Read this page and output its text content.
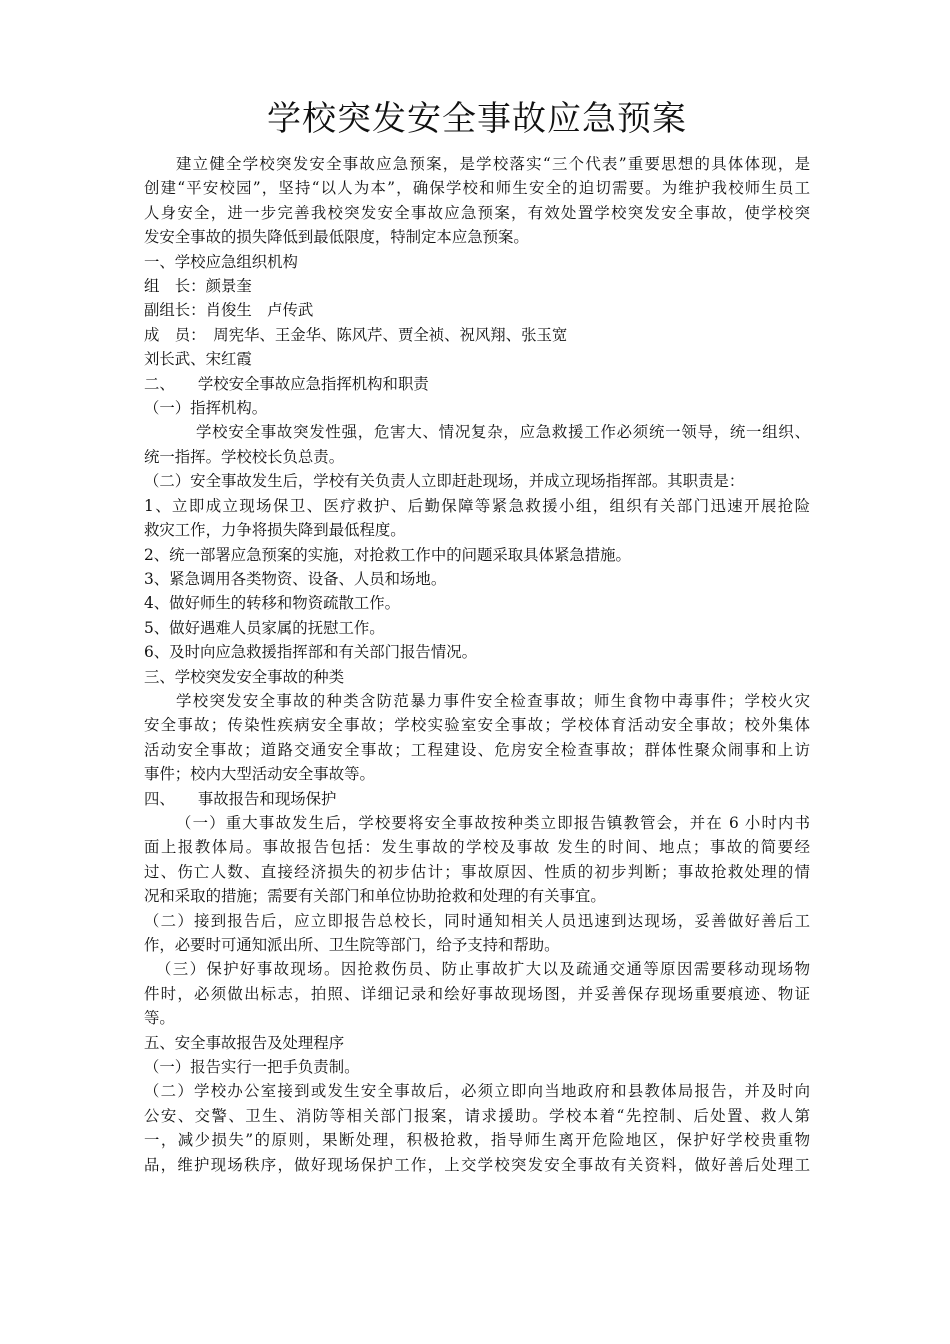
学校突发安全事故应急预案
建立健全学校突发安全事故应急预案，是学校落实“三个代表”重要思想的具体体现，是
创建“平安校园”，坚持“以人为本”，确保学校和师生安全的迫切需要。为维护我校师生员工
人身安全，进一步完善我校突发安全事故应急预案，有效处置学校突发安全事故，使学校突
发安全事故的损失降低到最低限度，特制定本应急预案。
一、学校应急组织机构
组　长：颜景奎
副组长：肖俊生　卢传武
成　员：　周宪华、王金华、陈风芹、贾全祯、祝风翔、张玉宽
刘长武、宋红霞
二、　　学校安全事故应急指挥机构和职责
（一）指挥机构。
学校安全事故突发性强，危害大、情况复杂，应急救援工作必须统一领导，统一组织、
统一指挥。学校校长负总责。
（二）安全事故发生后，学校有关负责人立即赶赴现场，并成立现场指挥部。其职责是：
1、立即成立现场保卫、医疗救护、后勤保障等紧急救援小组，组织有关部门迅速开展抢险
救灾工作，力争将损失降到最低程度。
2、统一部署应急预案的实施，对抢救工作中的问题采取具体紧急措施。
3、紧急调用各类物资、设备、人员和场地。
4、做好师生的转移和物资疏散工作。
5、做好遇难人员家属的抚慰工作。
6、及时向应急救援指挥部和有关部门报告情况。
三、学校突发安全事故的种类
学校突发安全事故的种类含防范暴力事件安全检查事故；师生食物中毒事件；学校火灾
安全事故；传染性疾病安全事故；学校实验室安全事故；学校体育活动安全事故；校外集体
活动安全事故；道路交通安全事故；工程建设、危房安全检查事故；群体性聚众闹事和上访
事件；校内大型活动安全事故等。
四、　　事故报告和现场保护
（一）重大事故发生后，学校要将安全事故按种类立即报告镇教管会，并在 6 小时内书
面上报教体局。事故报告包括：发生事故的学校及事故 发生的时间、地点；事故的简要经
过、伤亡人数、直接经济损失的初步估计；事故原因、性质的初步判断；事故抢救处理的情
况和采取的措施；需要有关部门和单位协助抢救和处理的有关事宜。
（二）接到报告后，应立即报告总校长，同时通知相关人员迅速到达现场，妥善做好善后工
作，必要时可通知派出所、卫生院等部门，给予支持和帮助。
（三）保护好事故现场。因抢救伤员、防止事故扩大以及疏通交通等原因需要移动现场物
件时，必须做出标志，拍照、详细记录和绘好事故现场图，并妥善保存现场重要痕迹、物证
等。
五、安全事故报告及处理程序
（一）报告实行一把手负责制。
（二）学校办公室接到或发生安全事故后，必须立即向当地政府和县教体局报告，并及时向
公安、交警、卫生、消防等相关部门报案，请求援助。学校本着“先控制、后处置、救人第
一，减少损失”的原则，果断处理，积极抢救，指导师生离开危险地区，保护好学校贵重物
品，维护现场秩序，做好现场保护工作，上交学校突发安全事故有关资料，做好善后处理工
